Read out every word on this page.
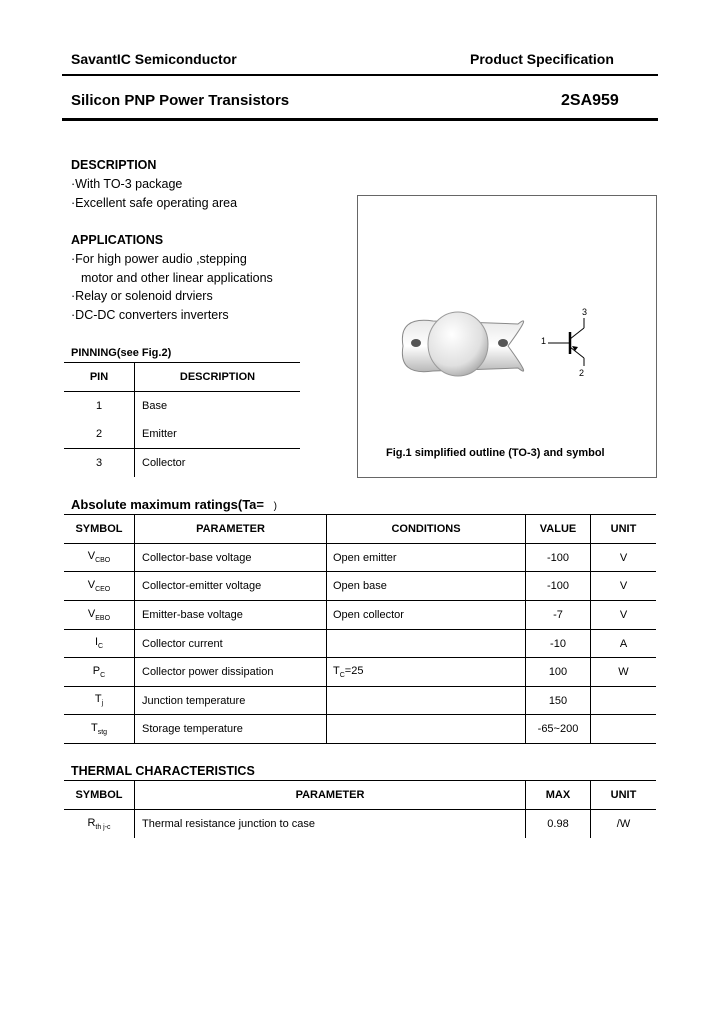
SavantIC Semiconductor	Product Specification
Silicon PNP Power Transistors	2SA959
DESCRIPTION
·With TO-3 package
·Excellent safe operating area
APPLICATIONS
·For high power audio ,stepping
motor and other linear applications
·Relay or solenoid drviers
·DC-DC converters inverters
PINNING(see Fig.2)
PIN	DESCRIPTION
1	Base
2	Emitter
3	Collector
1
2
3
Fig.1 simplified outline (TO-3) and symbol
Absolute maximum ratings(Ta= )
SYMBOL	PARAMETER	CONDITIONS	VALUE	UNIT
$V_{CBO}$	Collector-base voltage	Open emitter	-100	V
$V_{CEO}$	Collector-emitter voltage	Open base	-100	V
$V_{EBO}$	Emitter-base voltage	Open collector	-7	V
$I_C$	Collector current		-10	A
$P_C$	Collector power dissipation	$T_C=25$	100	W
$T_j$	Junction temperature		150	
$T_{stg}$	Storage temperature		-65~200	
THERMAL CHARACTERISTICS
SYMBOL	PARAMETER	MAX	UNIT
$R_{th j-c}$	Thermal resistance junction to case	0.98	/W
